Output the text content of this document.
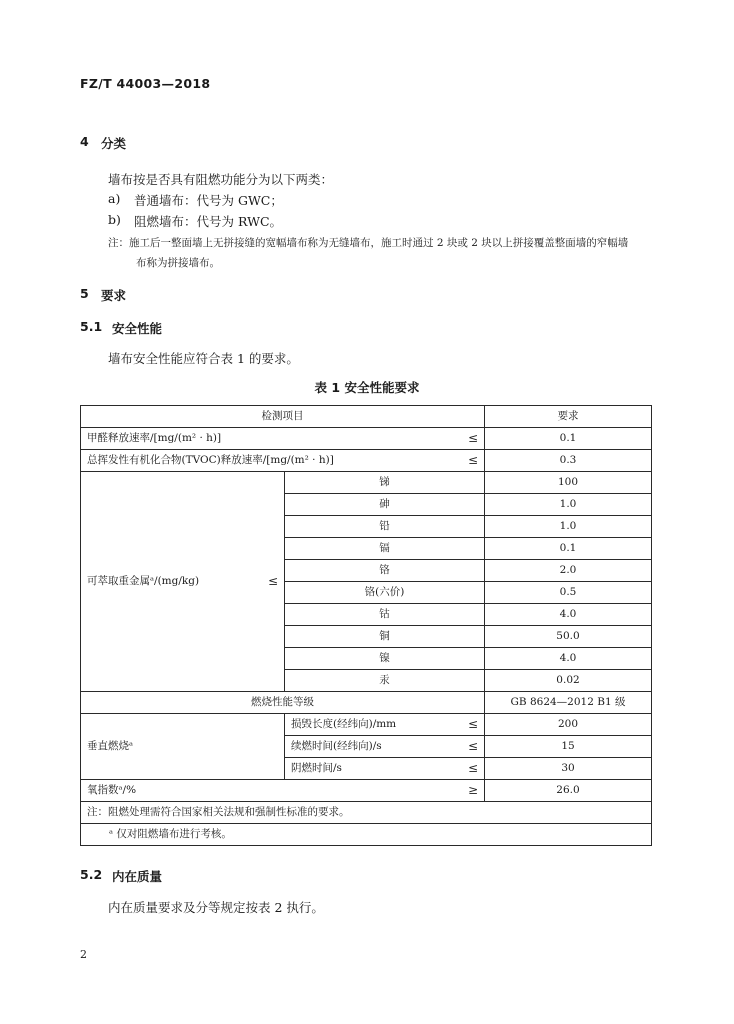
FZ/T 44003—2018
4 分类
墙布按是否具有阻燃功能分为以下两类：
a) 普通墙布：代号为 GWC；
b) 阻燃墙布：代号为 RWC。
注：施工后一整面墙上无拼接缝的宽幅墙布称为无缝墙布，施工时通过 2 块或 2 块以上拼接覆盖整面墙的窄幅墙
布称为拼接墙布。
5 要求
5.1 安全性能
墙布安全性能应符合表 1 的要求。
表 1 安全性能要求
检测项目		要求
甲醛释放速率/[mg/(m² · h)] ≤		0.1
总挥发性有机化合物(TVOC)释放速率/[mg/(m² · h)] ≤		0.3
可萃取重金属ᵃ/(mg/kg) ≤	锑	100
	砷	1.0
	铅	1.0
	镉	0.1
	铬	2.0
	铬(六价)	0.5
	钴	4.0
	铜	50.0
	镍	4.0
	汞	0.02
燃烧性能等级		GB 8624—2012 B1 级
垂直燃烧ᵃ	损毁长度(经纬向)/mm ≤	200
	续燃时间(经纬向)/s ≤	15
	阴燃时间/s ≤	30
氧指数ᵃ/% ≥		26.0
注：阻燃处理需符合国家相关法规和强制性标准的要求。		
ᵃ 仅对阻燃墙布进行考核。		
5.2 内在质量
内在质量要求及分等规定按表 2 执行。
2
